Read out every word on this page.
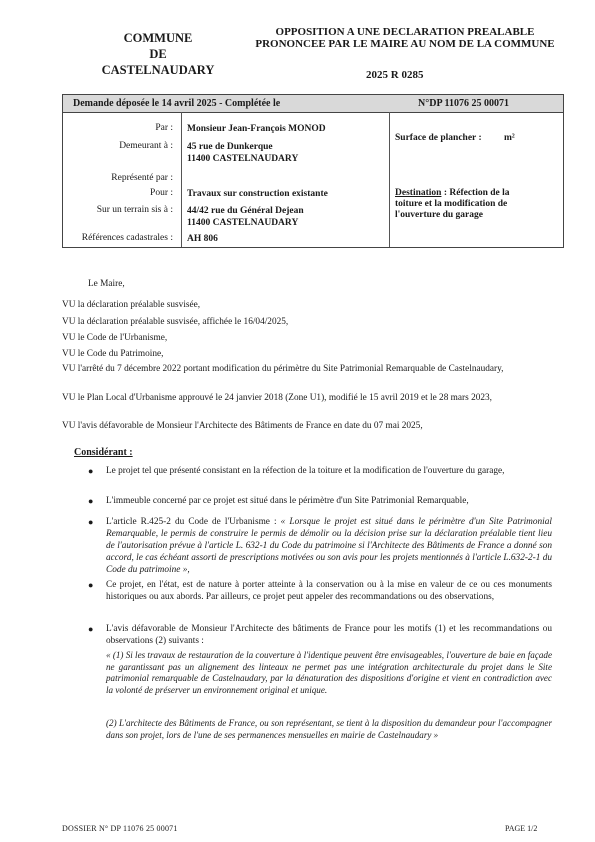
COMMUNE
DE
CASTELNAUDARY
OPPOSITION A UNE DECLARATION PREALABLE
PRONONCEE PAR LE MAIRE AU NOM DE LA COMMUNE
2025 R 0285
Demande déposée le 14 avril 2025 - Complétée le	N°DP 11076 25 00071
Par : Monsieur Jean-François MONOD
Demeurant à : 45 rue de Dunkerque
11400 CASTELNAUDARY
Représenté par :
Pour : Travaux sur construction existante
Sur un terrain sis à : 44/42 rue du Général Dejean
11400 CASTELNAUDARY
Références cadastrales : AH 806
Surface de plancher : m²
Destination : Réfection de la
toiture et la modification de
l'ouverture du garage
Le Maire,
VU la déclaration préalable susvisée,
VU la déclaration préalable susvisée, affichée le 16/04/2025,
VU le Code de l'Urbanisme,
VU le Code du Patrimoine,
VU l'arrêté du 7 décembre 2022 portant modification du périmètre du Site Patrimonial Remarquable de Castelnaudary,
VU le Plan Local d'Urbanisme approuvé le 24 janvier 2018 (Zone U1), modifié le 15 avril 2019 et le 28 mars 2023,
VU l'avis défavorable de Monsieur l'Architecte des Bâtiments de France en date du 07 mai 2025,
Considérant :
● Le projet tel que présenté consistant en la réfection de la toiture et la modification de l'ouverture du garage,
● L'immeuble concerné par ce projet est situé dans le périmètre d'un Site Patrimonial Remarquable,
● L'article R.425-2 du Code de l'Urbanisme : « Lorsque le projet est situé dans le périmètre d'un Site Patrimonial Remarquable, le permis de construire le permis de démolir ou la décision prise sur la déclaration préalable tient lieu de l'autorisation prévue à l'article L. 632-1 du Code du patrimoine si l'Architecte des Bâtiments de France a donné son accord, le cas échéant assorti de prescriptions motivées ou son avis pour les projets mentionnés à l'article L.632-2-1 du Code du patrimoine »,
● Ce projet, en l'état, est de nature à porter atteinte à la conservation ou à la mise en valeur de ce ou ces monuments historiques ou aux abords. Par ailleurs, ce projet peut appeler des recommandations ou des observations,
● L'avis défavorable de Monsieur l'Architecte des bâtiments de France pour les motifs (1) et les recommandations ou observations (2) suivants :
« (1) Si les travaux de restauration de la couverture à l'identique peuvent être envisageables, l'ouverture de baie en façade ne garantissant pas un alignement des linteaux ne permet pas une intégration architecturale du projet dans le Site patrimonial remarquable de Castelnaudary, par la dénaturation des dispositions d'origine et vient en contradiction avec la volonté de préserver un environnement original et unique.
(2) L'architecte des Bâtiments de France, ou son représentant, se tient à la disposition du demandeur pour l'accompagner dans son projet, lors de l'une de ses permanences mensuelles en mairie de Castelnaudary »
DOSSIER N° DP 11076 25 00071	PAGE 1/2
